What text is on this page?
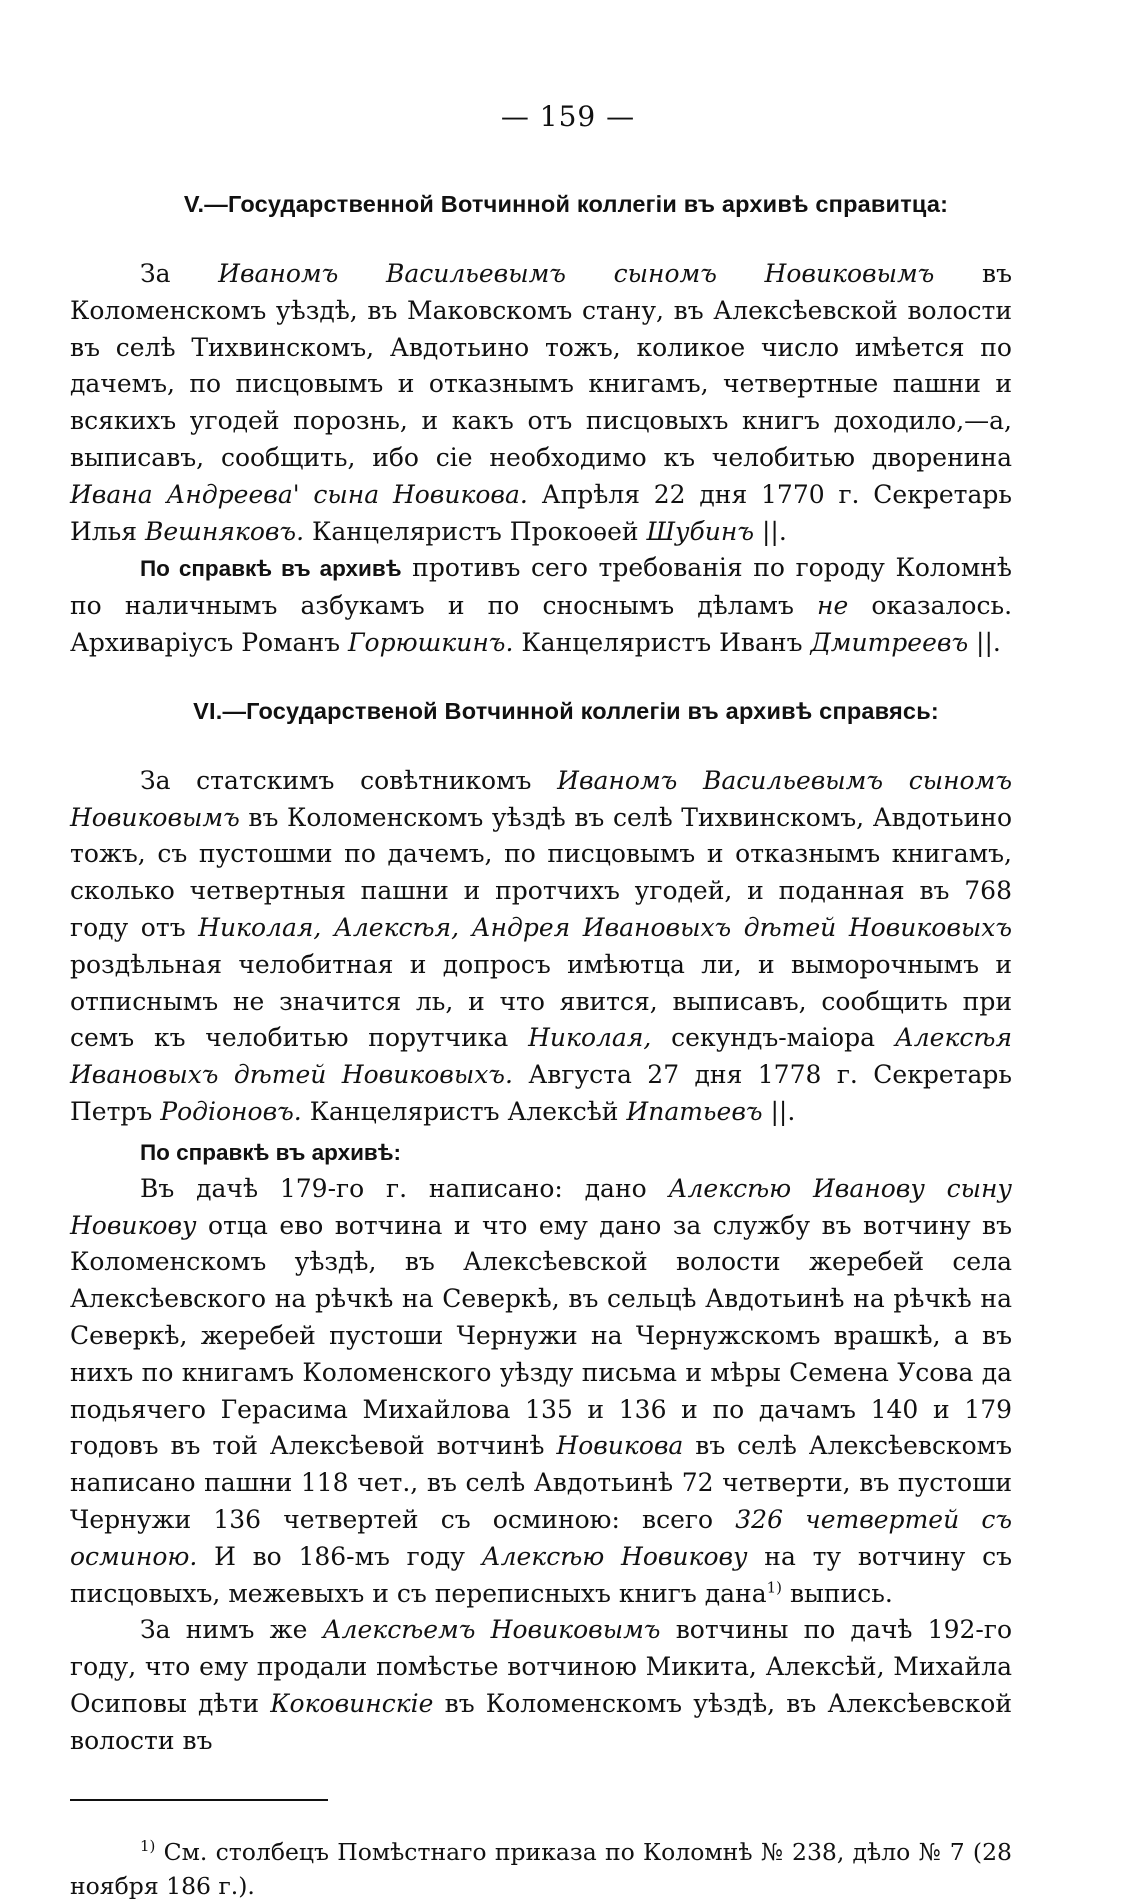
— 159 —
V.—Государственной Вотчинной коллегіи въ архивѣ справитца:

За Иваномъ Васильевымъ сыномъ Новиковымъ въ Коломенскомъ уѣздѣ, въ Маковскомъ стану, въ Алексѣевской волости въ селѣ Тихвинскомъ, Авдотьино тожъ, коликое число имѣется по дачемъ, по писцовымъ и отказнымъ книгамъ, четвертные пашни и всякихъ угодей порознь, и какъ отъ писцовыхъ книгъ доходило,—а, выписавъ, сообщить, ибо сіе необходимо къ челобитью дворенина Ивана Андреева' сына Новикова. Апрѣля 22 дня 1770 г. Секретарь Илья Вешняковъ. Канцеляристъ Прокоѳей Шубинъ ||.

По справкѣ въ архивѣ противъ сего требованія по городу Коломнѣ по наличнымъ азбукамъ и по сноснымъ дѣламъ не оказалось. Архиваріусъ Романъ Горюшкинъ. Канцеляристъ Иванъ Дмитреевъ ||.

VI.—Государственой Вотчинной коллегіи въ архивѣ справясь:

За статскимъ совѣтникомъ Иваномъ Васильевымъ сыномъ Новиковымъ въ Коломенскомъ уѣздѣ въ селѣ Тихвинскомъ, Авдотьино тожъ, съ пустошми по дачемъ, по писцовымъ и отказнымъ книгамъ, сколько четвертныя пашни и протчихъ угодей, и поданная въ 768 году отъ Николая, Алексѣя, Андрея Ивановыхъ дѣтей Новиковыхъ роздѣльная челобитная и допросъ имѣютца ли, и выморочнымъ и отписнымъ не значится ль, и что явится, выписавъ, сообщить при семъ къ челобитью порутчика Николая, секундъ-маіора Алексѣя Ивановыхъ дѣтей Новиковыхъ. Августа 27 дня 1778 г. Секретарь Петръ Родіоновъ. Канцеляристъ Алексѣй Ипатьевъ ||.

По справкѣ въ архивѣ:

Въ дачѣ 179-го г. написано: дано Алексѣю Иванову сыну Новикову отца ево вотчина и что ему дано за службу въ вотчину въ Коломенскомъ уѣздѣ, въ Алексѣевской волости жеребей села Алексѣевского на рѣчкѣ на Северкѣ, въ сельцѣ Авдотьинѣ на рѣчкѣ на Северкѣ, жеребей пустоши Чернужи на Чернужскомъ врашкѣ, а въ нихъ по книгамъ Коломенского уѣзду письма и мѣры Семена Усова да подьячего Герасима Михайлова 135 и 136 и по дачамъ 140 и 179 годовъ въ той Алексѣевой вотчинѣ Новикова въ селѣ Алексѣевскомъ написано пашни 118 чет., въ селѣ Авдотьинѣ 72 четверти, въ пустоши Чернужи 136 четвертей съ осминою: всего 326 четвертей съ осминою. И во 186-мъ году Алексѣю Новикову на ту вотчину съ писцовыхъ, межевыхъ и съ переписныхъ книгъ дана$^{1)}$ выпись.

За нимъ же Алексѣемъ Новиковымъ вотчины по дачѣ 192-го году, что ему продали помѣстье вотчиною Микита, Алексѣй, Михайла Осиповы дѣти Коковинскіе въ Коломенскомъ уѣздѣ, въ Алексѣевской волости въ

$^{1)}$ См. столбецъ Помѣстнаго приказа по Коломнѣ № 238, дѣло № 7 (28 ноября 186 г.).
